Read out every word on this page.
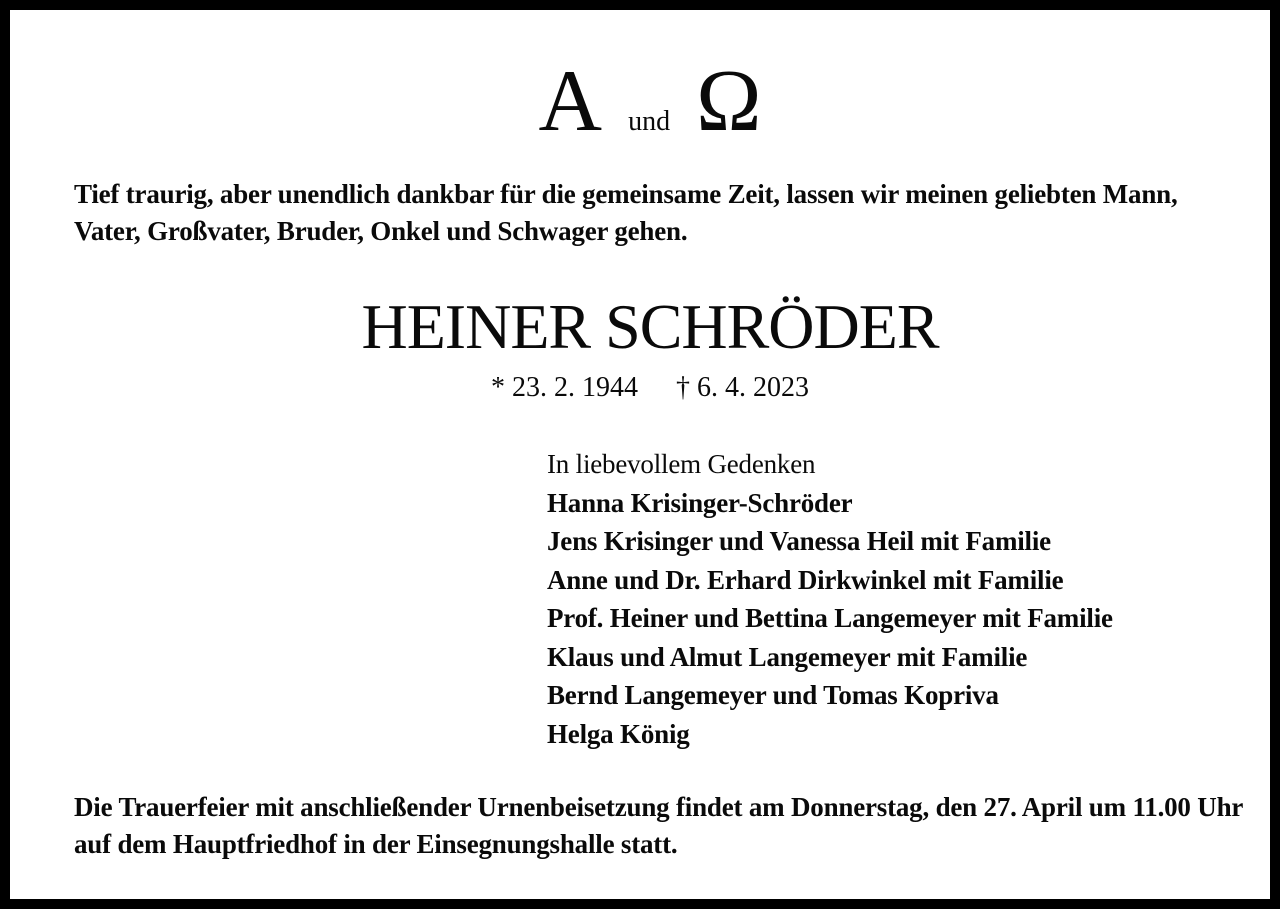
Aund Ω

Tief traurig, aber unendlich dankbar für die gemeinsame Zeit, lassen wir meinen geliebten Mann, Vater, Großvater, Bruder, Onkel und Schwager gehen.

HEINER SCHRÖDER
* 23. 2. 1944 † 6. 4. 2023
In liebevollem Gedenken
Hanna Krisinger-Schröder
Jens Krisinger und Vanessa Heil mit Familie
Anne und Dr. Erhard Dirkwinkel mit Familie
Prof. Heiner und Bettina Langemeyer mit Familie
Klaus und Almut Langemeyer mit Familie
Bernd Langemeyer und Tomas Kopriva
Helga König

Die Trauerfeier mit anschließender Urnenbeisetzung findet am Donnerstag, den 27. April um 11.00 Uhr auf dem Hauptfriedhof in der Einsegnungshalle statt.
